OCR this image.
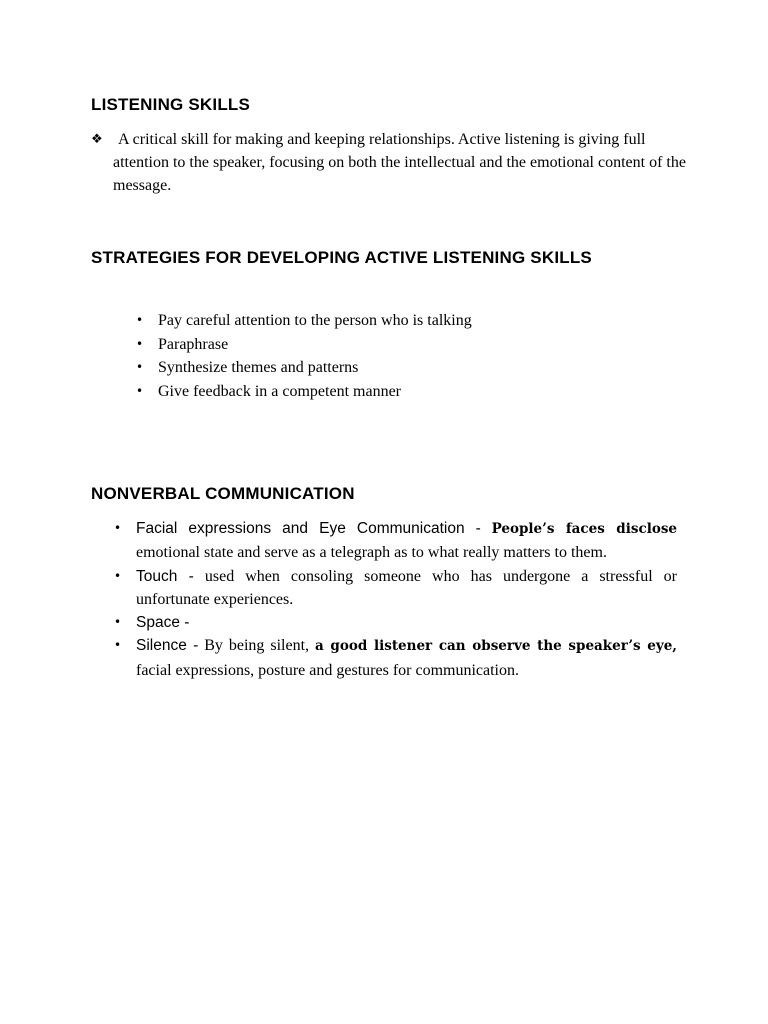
LISTENING SKILLS
❖ A critical skill for making and keeping relationships. Active listening is giving full attention to the speaker, focusing on both the intellectual and the emotional content of the message.
STRATEGIES FOR DEVELOPING ACTIVE LISTENING SKILLS
• Pay careful attention to the person who is talking
• Paraphrase
• Synthesize themes and patterns
• Give feedback in a competent manner
NONVERBAL COMMUNICATION
• Facial expressions and Eye Communication - People’s faces disclose emotional state and serve as a telegraph as to what really matters to them.
• Touch - used when consoling someone who has undergone a stressful or unfortunate experiences.
• Space -
• Silence - By being silent, a good listener can observe the speaker’s eye, facial expressions, posture and gestures for communication.
